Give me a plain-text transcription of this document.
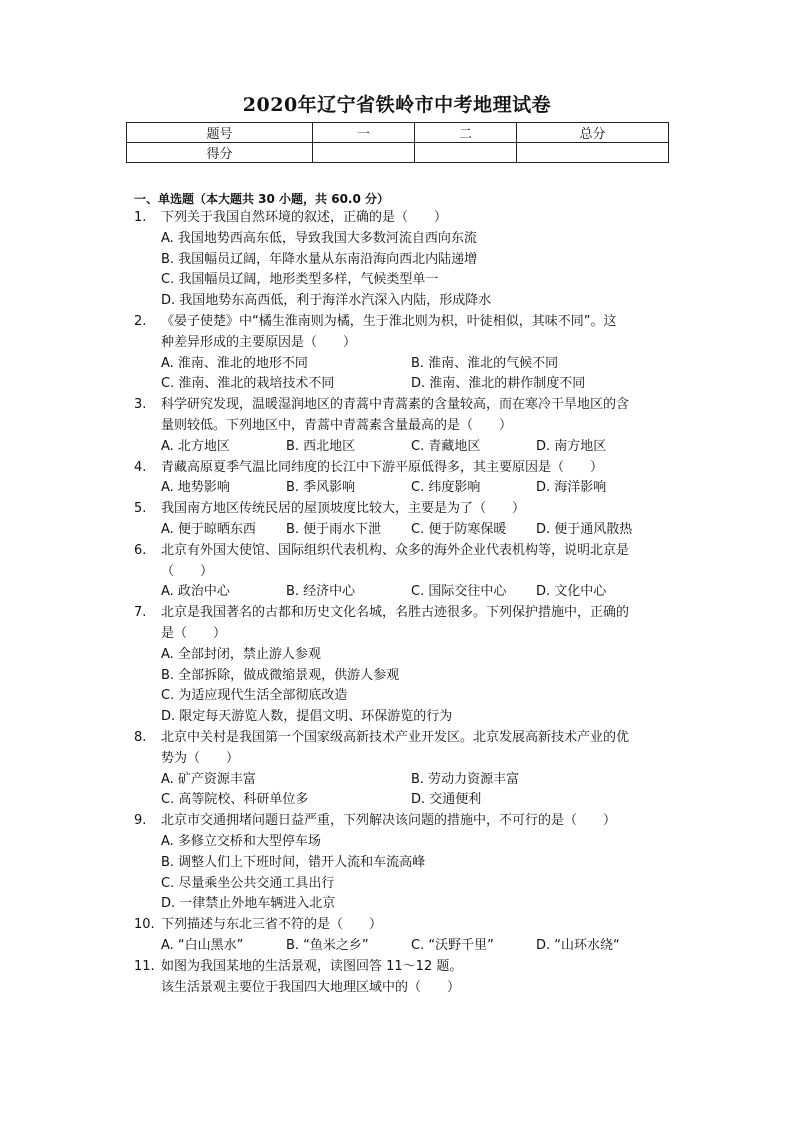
2020年辽宁省铁岭市中考地理试卷
题号	一	二	总分
得分			
一、单选题（本大题共 30 小题，共 60.0 分）
1. 下列关于我国自然环境的叙述，正确的是（　　）
A. 我国地势西高东低，导致我国大多数河流自西向东流
B. 我国幅员辽阔，年降水量从东南沿海向西北内陆递增
C. 我国幅员辽阔，地形类型多样，气候类型单一
D. 我国地势东高西低，利于海洋水汽深入内陆，形成降水
2. 《晏子使楚》中“橘生淮南则为橘，生于淮北则为枳，叶徒相似，其味不同”。这
种差异形成的主要原因是（　　）
A. 淮南、淮北的地形不同	B. 淮南、淮北的气候不同
C. 淮南、淮北的栽培技术不同	D. 淮南、淮北的耕作制度不同
3. 科学研究发现，温暖湿润地区的青蒿中青蒿素的含量较高，而在寒冷干旱地区的含
量则较低。下列地区中，青蒿中青蒿素含量最高的是（　　）
A. 北方地区	B. 西北地区	C. 青藏地区	D. 南方地区
4. 青藏高原夏季气温比同纬度的长江中下游平原低得多，其主要原因是（　　）
A. 地势影响	B. 季风影响	C. 纬度影响	D. 海洋影响
5. 我国南方地区传统民居的屋顶坡度比较大，主要是为了（　　）
A. 便于晾晒东西 B. 便于雨水下泄 C. 便于防寒保暖 D. 便于通风散热
6. 北京有外国大使馆、国际组织代表机构、众多的海外企业代表机构等，说明北京是
（　　）
A. 政治中心	B. 经济中心	C. 国际交往中心 D. 文化中心
7. 北京是我国著名的古都和历史文化名城，名胜古迹很多。下列保护措施中，正确的
是（　　）
A. 全部封闭，禁止游人参观
B. 全部拆除，做成微缩景观，供游人参观
C. 为适应现代生活全部彻底改造
D. 限定每天游览人数，提倡文明、环保游览的行为
8. 北京中关村是我国第一个国家级高新技术产业开发区。北京发展高新技术产业的优
势为（　　）
A. 矿产资源丰富	B. 劳动力资源丰富
C. 高等院校、科研单位多	D. 交通便利
9. 北京市交通拥堵问题日益严重，下列解决该问题的措施中，不可行的是（　　）
A. 多修立交桥和大型停车场
B. 调整人们上下班时间，错开人流和车流高峰
C. 尽量乘坐公共交通工具出行
D. 一律禁止外地车辆进入北京
10. 下列描述与东北三省不符的是（　　）
A. “白山黑水”	B. “鱼米之乡”	C. “沃野千里”	D. “山环水绕“
11. 如图为我国某地的生活景观，读图回答 11～12 题。
该生活景观主要位于我国四大地理区域中的（　　）
